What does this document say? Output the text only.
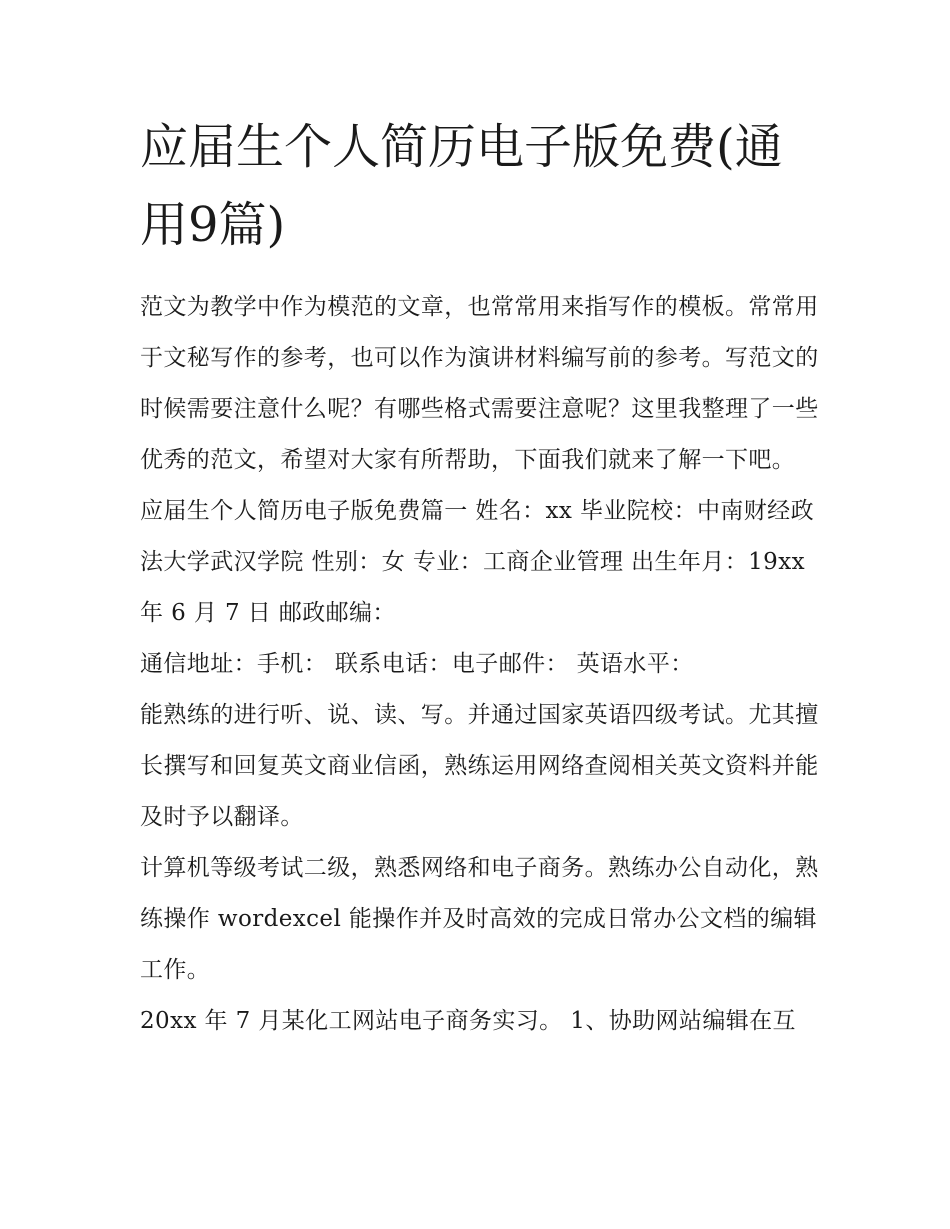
应届生个人简历电子版免费(通用9篇)

范文为教学中作为模范的文章，也常常用来指写作的模板。常常用于文秘写作的参考，也可以作为演讲材料编写前的参考。写范文的时候需要注意什么呢？有哪些格式需要注意呢？这里我整理了一些优秀的范文，希望对大家有所帮助，下面我们就来了解一下吧。

应届生个人简历电子版免费篇一 姓名：xx 毕业院校：中南财经政法大学武汉学院 性别：女 专业：工商企业管理 出生年月：19xx 年 6 月 7 日 邮政邮编：

通信地址：手机： 联系电话：电子邮件： 英语水平：

能熟练的进行听、说、读、写。并通过国家英语四级考试。尤其擅长撰写和回复英文商业信函，熟练运用网络查阅相关英文资料并能及时予以翻译。

计算机等级考试二级，熟悉网络和电子商务。熟练办公自动化，熟练操作 wordexcel 能操作并及时高效的完成日常办公文档的编辑工作。

20xx 年 7 月某化工网站电子商务实习。 1、协助网站编辑在互
